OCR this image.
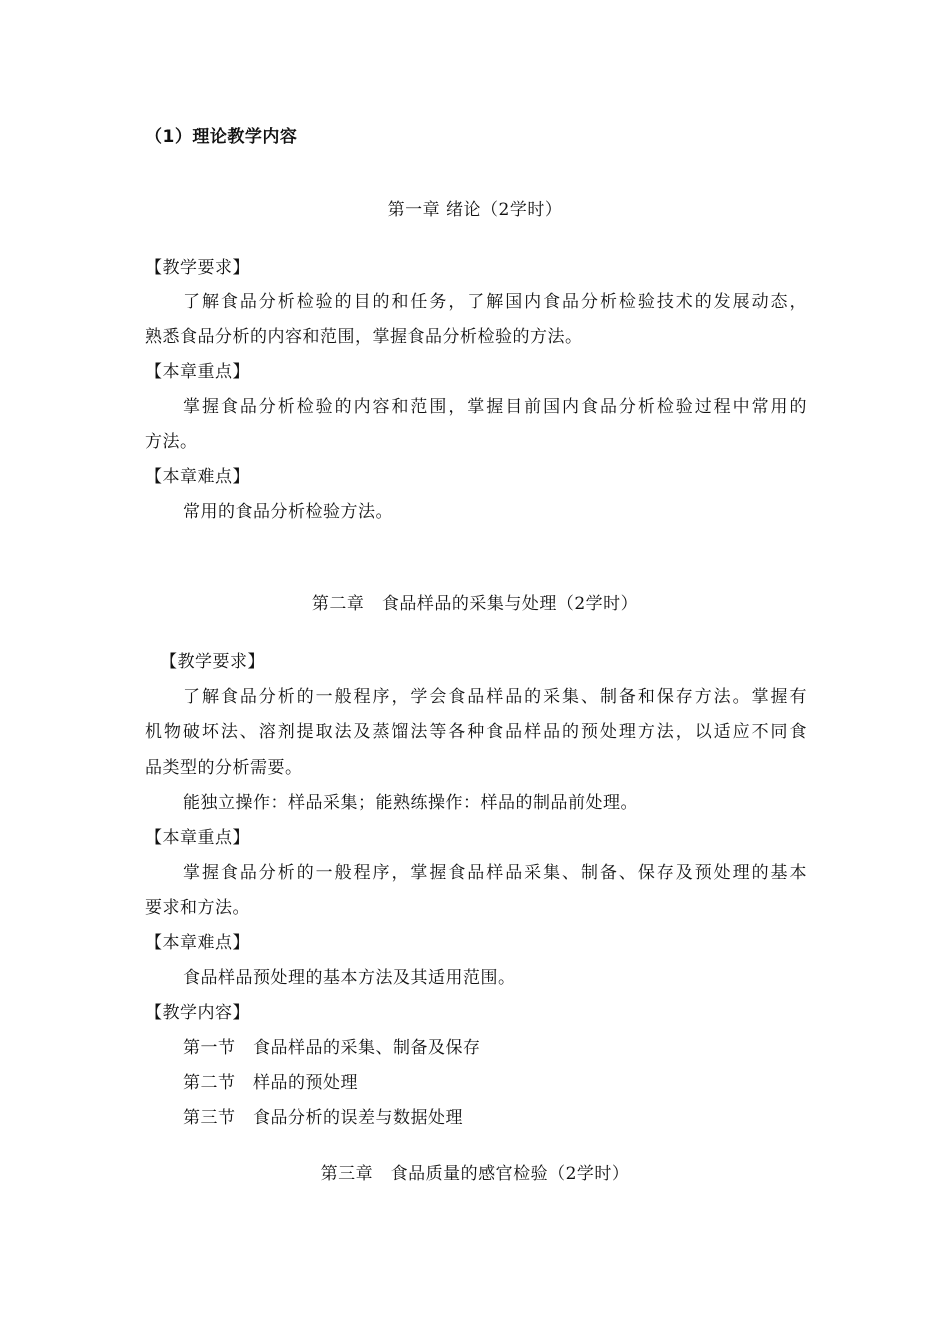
（1）理论教学内容
第一章 绪论（2学时）
【教学要求】
了解食品分析检验的目的和任务，了解国内食品分析检验技术的发展动态，
熟悉食品分析的内容和范围，掌握食品分析检验的方法。
【本章重点】
掌握食品分析检验的内容和范围，掌握目前国内食品分析检验过程中常用的
方法。
【本章难点】
常用的食品分析检验方法。
第二章　食品样品的采集与处理（2学时）
【教学要求】
了解食品分析的一般程序，学会食品样品的采集、制备和保存方法。掌握有
机物破坏法、溶剂提取法及蒸馏法等各种食品样品的预处理方法，以适应不同食
品类型的分析需要。
能独立操作：样品采集；能熟练操作：样品的制品前处理。
【本章重点】
掌握食品分析的一般程序，掌握食品样品采集、制备、保存及预处理的基本
要求和方法。
【本章难点】
食品样品预处理的基本方法及其适用范围。
【教学内容】
第一节　食品样品的采集、制备及保存
第二节　样品的预处理
第三节　食品分析的误差与数据处理
第三章　食品质量的感官检验（2学时）
